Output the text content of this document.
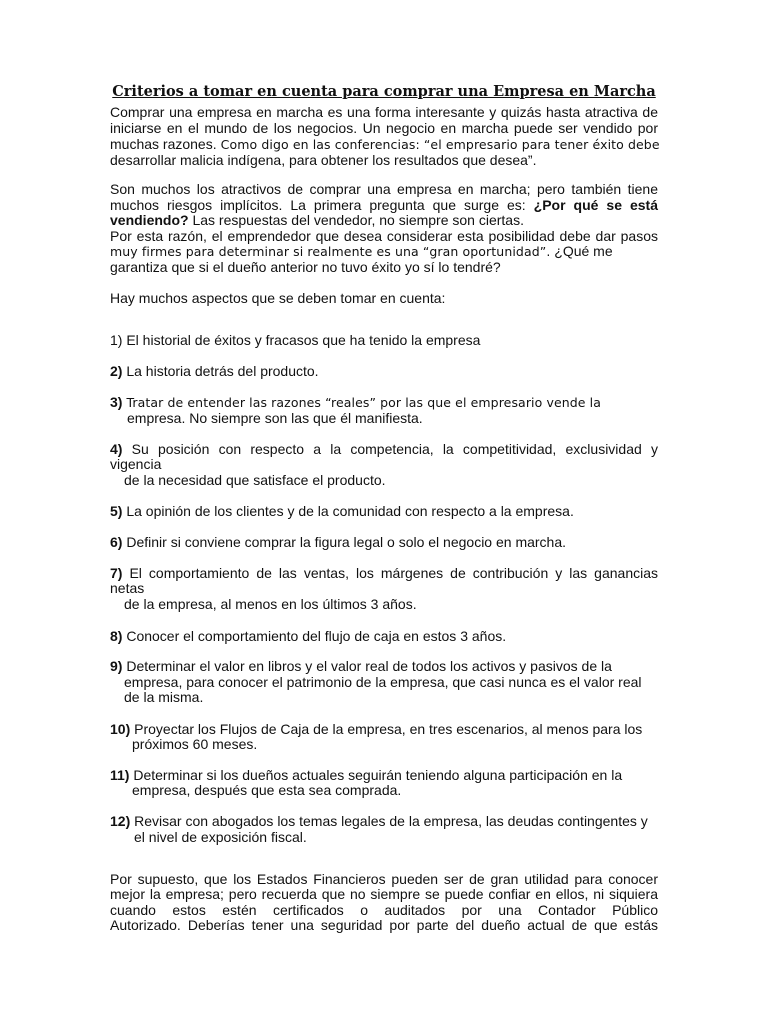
Criterios a tomar en cuenta para comprar una Empresa en Marcha

Comprar una empresa en marcha es una forma interesante y quizás hasta atractiva de

iniciarse en el mundo de los negocios. Un negocio en marcha puede ser vendido por

muchas razones. Como digo en las conferencias: “el empresario para tener éxito debe

desarrollar malicia indígena, para obtener los resultados que desea”.

Son muchos los atractivos de comprar una empresa en marcha; pero también tiene

muchos riesgos implícitos. La primera pregunta que surge es: ¿Por qué se está

vendiendo? Las respuestas del vendedor, no siempre son ciertas.

Por esta razón, el emprendedor que desea considerar esta posibilidad debe dar pasos

muy firmes para determinar si realmente es una “gran oportunidad”. ¿Qué me

garantiza que si el dueño anterior no tuvo éxito yo sí lo tendré?

Hay muchos aspectos que se deben tomar en cuenta:

1) El historial de éxitos y fracasos que ha tenido la empresa

2) La historia detrás del producto.

3) Tratar de entender las razones “reales” por las que el empresario vende la

empresa. No siempre son las que él manifiesta.

4) Su posición con respecto a la competencia, la competitividad, exclusividad y

vigencia

de la necesidad que satisface el producto.

5) La opinión de los clientes y de la comunidad con respecto a la empresa.

6) Definir si conviene comprar la figura legal o solo el negocio en marcha.

7) El comportamiento de las ventas, los márgenes de contribución y las ganancias

netas

de la empresa, al menos en los últimos 3 años.

8) Conocer el comportamiento del flujo de caja en estos 3 años.

9) Determinar el valor en libros y el valor real de todos los activos y pasivos de la

empresa, para conocer el patrimonio de la empresa, que casi nunca es el valor real

de la misma.

10) Proyectar los Flujos de Caja de la empresa, en tres escenarios, al menos para los

próximos 60 meses.

11) Determinar si los dueños actuales seguirán teniendo alguna participación en la

empresa, después que esta sea comprada.

12) Revisar con abogados los temas legales de la empresa, las deudas contingentes y

el nivel de exposición fiscal.

Por supuesto, que los Estados Financieros pueden ser de gran utilidad para conocer

mejor la empresa; pero recuerda que no siempre se puede confiar en ellos, ni siquiera

cuando estos estén certificados o auditados por una Contador Público

Autorizado. Deberías tener una seguridad por parte del dueño actual de que estás
